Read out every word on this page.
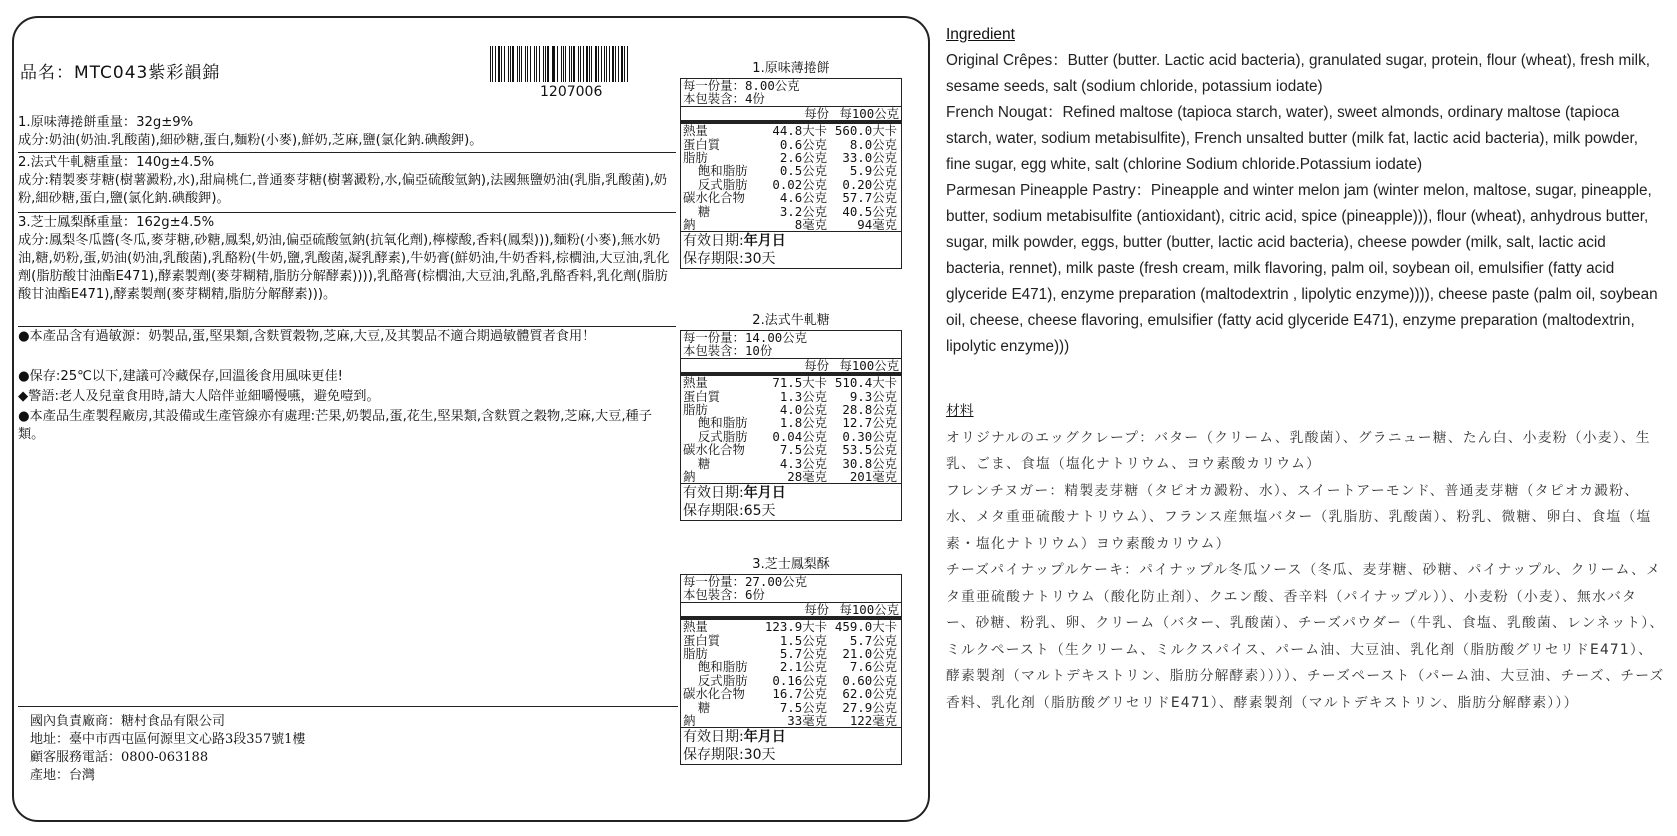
品名：MTC043紫彩韻錦
1207006
1.原味薄捲餅重量：32g±9%
成分:奶油(奶油.乳酸菌),細砂糖,蛋白,麵粉(小麥),鮮奶,芝麻,鹽(氯化鈉.碘酸鉀)。
2.法式牛軋糖重量：140g±4.5%
成分:精製麥芽糖(樹薯澱粉,水),甜扁桃仁,普通麥芽糖(樹薯澱粉,水,偏亞硫酸氫鈉),法國無鹽奶油(乳脂,乳酸菌),奶粉,細砂糖,蛋白,鹽(氯化鈉.碘酸鉀)。
3.芝士鳳梨酥重量：162g±4.5%
成分:鳳梨冬瓜醬(冬瓜,麥芽糖,砂糖,鳳梨,奶油,偏亞硫酸氫鈉(抗氧化劑),檸檬酸,香料(鳳梨))),麵粉(小麥),無水奶油,糖,奶粉,蛋,奶油(奶油,乳酸菌),乳酪粉(牛奶,鹽,乳酸菌,凝乳酵素),牛奶膏(鮮奶油,牛奶香料,棕櫚油,大豆油,乳化劑(脂肪酸甘油酯E471),酵素製劑(麥芽糊精,脂肪分解酵素)))),乳酪膏(棕櫚油,大豆油,乳酪,乳酪香料,乳化劑(脂肪酸甘油酯E471),酵素製劑(麥芽糊精,脂肪分解酵素)))。
●本產品含有過敏源：奶製品,蛋,堅果類,含麩質穀物,芝麻,大豆,及其製品不適合期過敏體質者食用！
●保存:25℃以下,建議可冷藏保存,回溫後食用風味更佳!
◆警語:老人及兒童食用時,請大人陪伴並細嚼慢嚥，避免噎到。
●本產品生產製程廠房,其設備或生產管線亦有處理:芒果,奶製品,蛋,花生,堅果類,含麩質之穀物,芝麻,大豆,種子類。
國內負責廠商：糖村食品有限公司
地址：臺中市西屯區何源里文心路3段357號1樓
顧客服務電話：0800-063188
產地：台灣
1.原味薄捲餅
每一份量：8.00公克
本包裝含：4份
每份 每100公克
熱量	44.8大卡 560.0大卡
蛋白質	0.6公克	8.0公克
脂肪	2.6公克	33.0公克
飽和脂肪	0.5公克	5.9公克
反式脂肪	0.02公克	0.20公克
碳水化合物	4.6公克	57.7公克
糖	3.2公克	40.5公克
鈉	8毫克	94毫克
有效日期:年月日
保存期限:30天
2.法式牛軋糖
每一份量：14.00公克
本包裝含：10份
每份 每100公克
熱量	71.5大卡 510.4大卡
蛋白質	1.3公克	9.3公克
脂肪	4.0公克	28.8公克
飽和脂肪	1.8公克	12.7公克
反式脂肪	0.04公克	0.30公克
碳水化合物	7.5公克	53.5公克
糖	4.3公克	30.8公克
鈉	28毫克	201毫克
有效日期:年月日
保存期限:65天
3.芝士鳳梨酥
每一份量：27.00公克
本包裝含：6份
每份 每100公克
熱量	123.9大卡 459.0大卡
蛋白質	1.5公克	5.7公克
脂肪	5.7公克	21.0公克
飽和脂肪	2.1公克	7.6公克
反式脂肪	0.16公克	0.60公克
碳水化合物	16.7公克	62.0公克
糖	7.5公克	27.9公克
鈉	33毫克	122毫克
有效日期:年月日
保存期限:30天
Ingredient
Original Crêpes：Butter (butter. Lactic acid bacteria), granulated sugar, protein, flour (wheat), fresh milk, sesame seeds, salt (sodium chloride, potassium iodate)
French Nougat：Refined maltose (tapioca starch, water), sweet almonds, ordinary maltose (tapioca starch, water, sodium metabisulfite), French unsalted butter (milk fat, lactic acid bacteria), milk powder, fine sugar, egg white, salt (chlorine Sodium chloride.Potassium iodate)
Parmesan Pineapple Pastry：Pineapple and winter melon jam (winter melon, maltose, sugar, pineapple, butter, sodium metabisulfite (antioxidant), citric acid, spice (pineapple))), flour (wheat), anhydrous butter, sugar, milk powder, eggs, butter (butter, lactic acid bacteria), cheese powder (milk, salt, lactic acid bacteria, rennet), milk paste (fresh cream, milk flavoring, palm oil, soybean oil, emulsifier (fatty acid glyceride E471), enzyme preparation (maltodextrin , lipolytic enzyme)))), cheese paste (palm oil, soybean oil, cheese, cheese flavoring, emulsifier (fatty acid glyceride E471), enzyme preparation (maltodextrin, lipolytic enzyme)))
材料
オリジナルのエッグクレープ：バター（クリーム、乳酸菌）、グラニュー糖、たん白、小麦粉（小麦）、生乳、ごま、食塩（塩化ナトリウム、ヨウ素酸カリウム）
フレンチヌガー：精製麦芽糖（タピオカ澱粉、水）、スイートアーモンド、普通麦芽糖（タピオカ澱粉、水、メタ重亜硫酸ナトリウム）、フランス産無塩バター（乳脂肪、乳酸菌）、粉乳、微糖、卵白、食塩（塩素・塩化ナトリウム）ヨウ素酸カリウム）
チーズパイナップルケーキ：パイナップル冬瓜ソース（冬瓜、麦芽糖、砂糖、パイナップル、クリーム、メタ重亜硫酸ナトリウム（酸化防止剤）、クエン酸、香辛料（パイナップル））、小麦粉（小麦）、無水バター、砂糖、粉乳、卵、クリーム（バター、乳酸菌）、チーズパウダー（牛乳、食塩、乳酸菌、レンネット）、ミルクペースト（生クリーム、ミルクスパイス、パーム油、大豆油、乳化剤（脂肪酸グリセリドE471）、酵素製剤（マルトデキストリン、脂肪分解酵素））））、チーズペースト（パーム油、大豆油、チーズ、チーズ香料、乳化剤（脂肪酸グリセリドE471）、酵素製剤（マルトデキストリン、脂肪分解酵素）））
